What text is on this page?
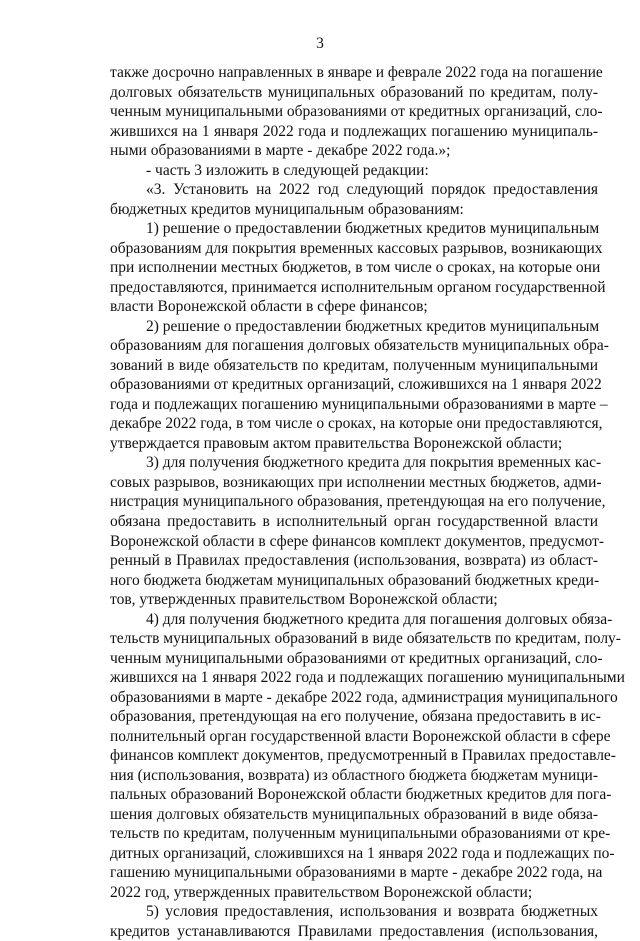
3
также досрочно направленных в январе и феврале 2022 года на погашение
долговых обязательств муниципальных образований по кредитам, полу-
ченным муниципальными образованиями от кредитных организаций, сло-
жившихся на 1 января 2022 года и подлежащих погашению муниципаль-
ными образованиями в марте - декабре 2022 года.»;
- часть 3 изложить в следующей редакции:
«3. Установить на 2022 год следующий порядок предоставления
бюджетных кредитов муниципальным образованиям:
1) решение о предоставлении бюджетных кредитов муниципальным
образованиям для покрытия временных кассовых разрывов, возникающих
при исполнении местных бюджетов, в том числе о сроках, на которые они
предоставляются, принимается исполнительным органом государственной
власти Воронежской области в сфере финансов;
2) решение о предоставлении бюджетных кредитов муниципальным
образованиям для погашения долговых обязательств муниципальных обра-
зований в виде обязательств по кредитам, полученным муниципальными
образованиями от кредитных организаций, сложившихся на 1 января 2022
года и подлежащих погашению муниципальными образованиями в марте –
декабре 2022 года, в том числе о сроках, на которые они предоставляются,
утверждается правовым актом правительства Воронежской области;
3) для получения бюджетного кредита для покрытия временных кас-
совых разрывов, возникающих при исполнении местных бюджетов, адми-
нистрация муниципального образования, претендующая на его получение,
обязана предоставить в исполнительный орган государственной власти
Воронежской области в сфере финансов комплект документов, предусмот-
ренный в Правилах предоставления (использования, возврата) из област-
ного бюджета бюджетам муниципальных образований бюджетных креди-
тов, утвержденных правительством Воронежской области;
4) для получения бюджетного кредита для погашения долговых обяза-
тельств муниципальных образований в виде обязательств по кредитам, полу-
ченным муниципальными образованиями от кредитных организаций, сло-
жившихся на 1 января 2022 года и подлежащих погашению муниципальными
образованиями в марте - декабре 2022 года, администрация муниципального
образования, претендующая на его получение, обязана предоставить в ис-
полнительный орган государственной власти Воронежской области в сфере
финансов комплект документов, предусмотренный в Правилах предоставле-
ния (использования, возврата) из областного бюджета бюджетам муници-
пальных образований Воронежской области бюджетных кредитов для пога-
шения долговых обязательств муниципальных образований в виде обяза-
тельств по кредитам, полученным муниципальными образованиями от кре-
дитных организаций, сложившихся на 1 января 2022 года и подлежащих по-
гашению муниципальными образованиями в марте - декабре 2022 года, на
2022 год, утвержденных правительством Воронежской области;
5) условия предоставления, использования и возврата бюджетных
кредитов устанавливаются Правилами предоставления (использования,
